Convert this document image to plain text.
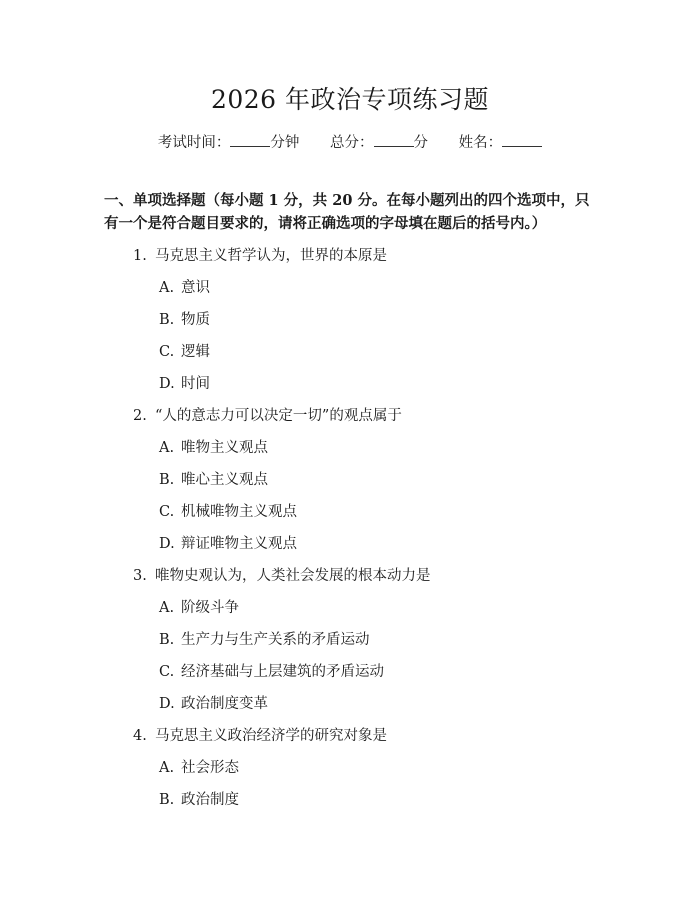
2026 年政治专项练习题
考试时间：	分钟 总分：	分 姓名：
一、单项选择题（每小题 1 分，共 20 分。在每小题列出的四个选项中，只有一个是符合题目要求的，请将正确选项的字母填在题后的括号内。）
1. 马克思主义哲学认为，世界的本原是
A. 意识
B. 物质
C. 逻辑
D. 时间
2. “人的意志力可以决定一切”的观点属于
A. 唯物主义观点
B. 唯心主义观点
C. 机械唯物主义观点
D. 辩证唯物主义观点
3. 唯物史观认为，人类社会发展的根本动力是
A. 阶级斗争
B. 生产力与生产关系的矛盾运动
C. 经济基础与上层建筑的矛盾运动
D. 政治制度变革
4. 马克思主义政治经济学的研究对象是
A. 社会形态
B. 政治制度
